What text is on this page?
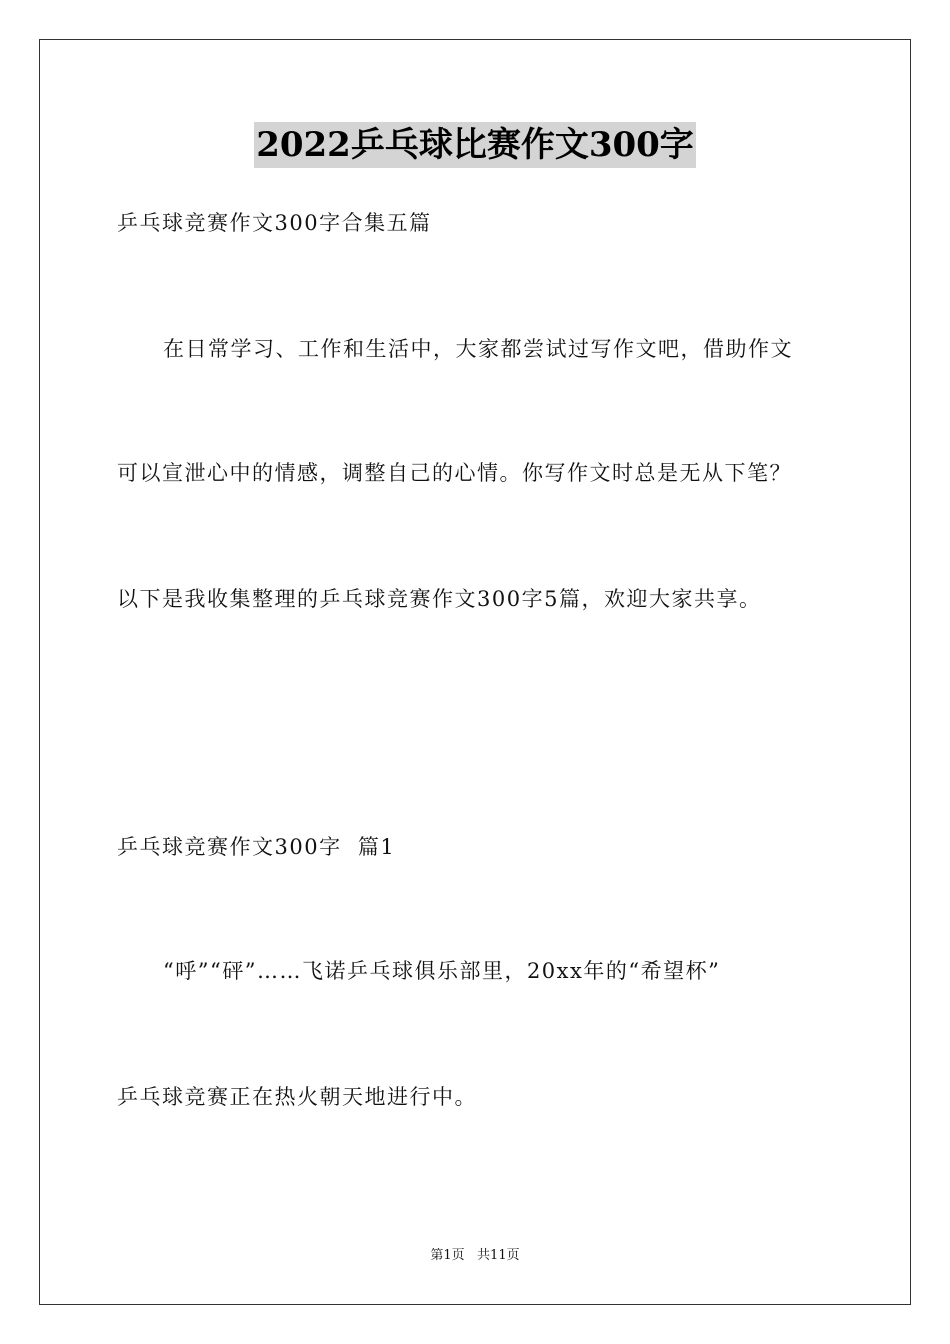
2022乒乓球比赛作文300字
乒乓球竞赛作文300字合集五篇
在日常学习、工作和生活中，大家都尝试过写作文吧，借助作文
可以宣泄心中的情感，调整自己的心情。你写作文时总是无从下笔？
以下是我收集整理的乒乓球竞赛作文300字5篇，欢迎大家共享。
乒乓球竞赛作文300字  篇1
“呼”“砰”……飞诺乒乓球俱乐部里，20xx年的“希望杯”
乒乓球竞赛正在热火朝天地进行中。
第1页   共11页
